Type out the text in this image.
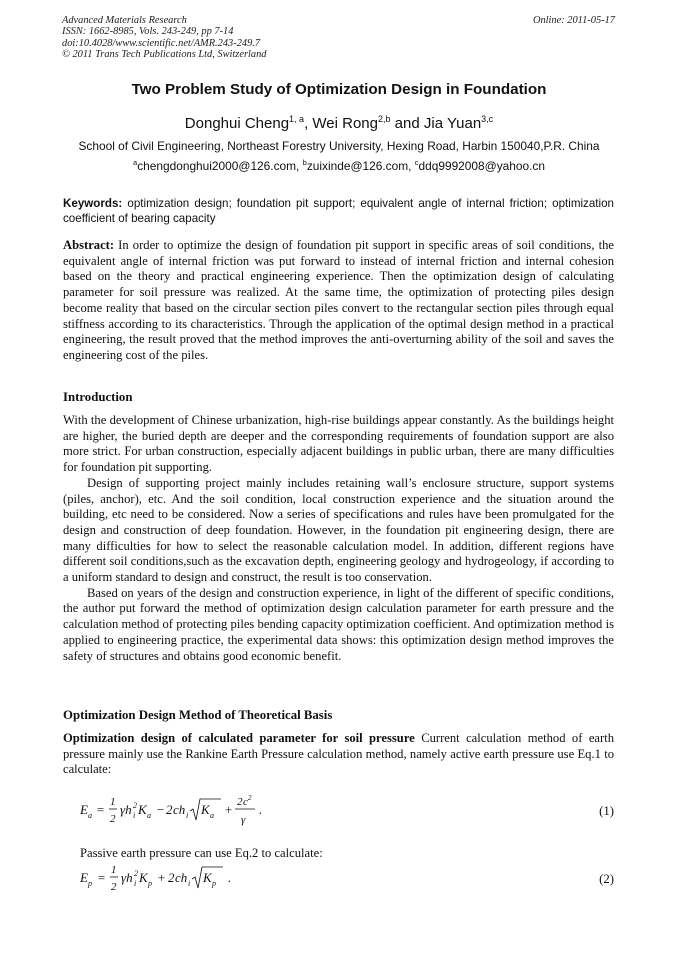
Advanced Materials Research
ISSN: 1662-8985, Vols. 243-249, pp 7-14
doi:10.4028/www.scientific.net/AMR.243-249.7
© 2011 Trans Tech Publications Ltd, Switzerland
Online: 2011-05-17
Two Problem Study of Optimization Design in Foundation
Donghui Cheng$^{1, a}$, Wei Rong$^{2,b}$ and Jia Yuan$^{3,c}$
School of Civil Engineering, Northeast Forestry University, Hexing Road, Harbin 150040,P.R. China
$^a$chengdonghui2000@126.com, $^b$zuixinde@126.com, $^c$ddq9992008@yahoo.cn
Keywords: optimization design; foundation pit support; equivalent angle of internal friction; optimization coefficient of bearing capacity
Abstract: In order to optimize the design of foundation pit support in specific areas of soil conditions, the equivalent angle of internal friction was put forward to instead of internal friction and internal cohesion based on the theory and practical engineering experience. Then the optimization design of calculating parameter for soil pressure was realized. At the same time, the optimization of protecting piles design become reality that based on the circular section piles convert to the rectangular section piles through equal stiffness according to its characteristics. Through the application of the optimal design method in a practical engineering, the result proved that the method improves the anti-overturning ability of the soil and saves the engineering cost of the piles.
Introduction

With the development of Chinese urbanization, high-rise buildings appear constantly. As the buildings height are higher, the buried depth are deeper and the corresponding requirements of foundation support are also more strict. For urban construction, especially adjacent buildings in public urban, there are many difficulties for foundation pit supporting.

Design of supporting project mainly includes retaining wall’s enclosure structure, support systems (piles, anchor), etc. And the soil condition, local construction experience and the situation around the building, etc need to be considered. Now a series of specifications and rules have been promulgated for the design and construction of deep foundation. However, in the foundation pit engineering design, there are many difficulties for how to select the reasonable calculation model. In addition, different regions have different soil conditions,such as the excavation depth, engineering geology and hydrogeology, if according to a uniform standard to design and construct, the result is too conservation.

Based on years of the design and construction experience, in light of the different of specific conditions, the author put forward the method of optimization design calculation parameter for earth pressure and the calculation method of protecting piles bending capacity optimization coefficient. And optimization method is applied to engineering practice, the experimental data shows: this optimization design method improves the safety of structures and obtains good economic benefit.

Optimization Design Method of Theoretical Basis
Optimization design of calculated parameter for soil pressure Current calculation method of earth pressure mainly use the Rankine Earth Pressure calculation method, namely active earth pressure use Eq.1 to calculate:
E a = 1
2
γh 2
i K a − 2 ch i K a + 2 c 2
γ
.	(1)
Passive earth pressure can use Eq.2 to calculate:
E p = 1
2
γh 2
i K p + 2 ch i K p .	(2)
